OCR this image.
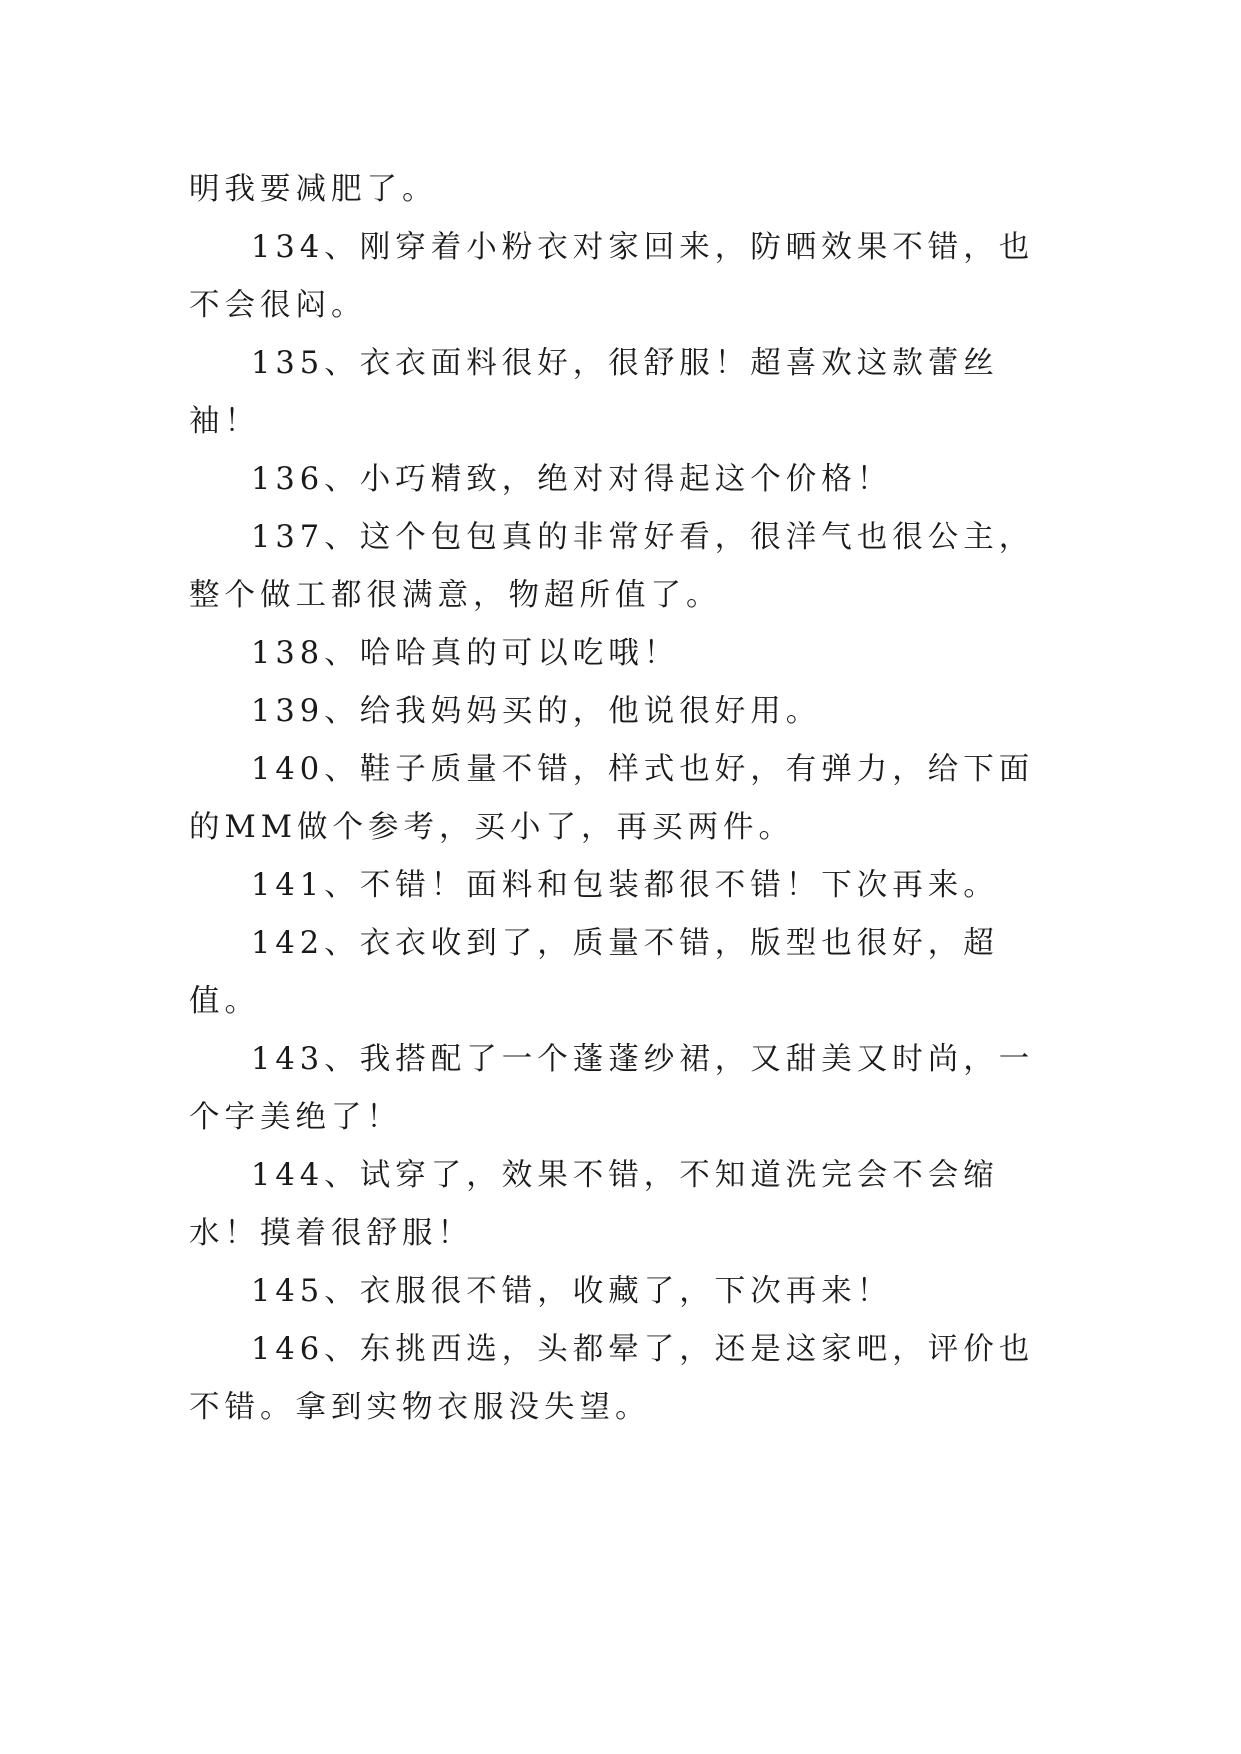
明我要减肥了。

134、刚穿着小粉衣对家回来，防晒效果不错，也不会很闷。

135、衣衣面料很好，很舒服！超喜欢这款蕾丝袖！

136、小巧精致，绝对对得起这个价格！

137、这个包包真的非常好看，很洋气也很公主，整个做工都很满意，物超所值了。

138、哈哈真的可以吃哦！

139、给我妈妈买的，他说很好用。

140、鞋子质量不错，样式也好，有弹力，给下面的MM做个参考，买小了，再买两件。

141、不错！面料和包装都很不错！下次再来。

142、衣衣收到了，质量不错，版型也很好，超值。

143、我搭配了一个蓬蓬纱裙，又甜美又时尚，一个字美绝了！

144、试穿了，效果不错，不知道洗完会不会缩水！摸着很舒服！

145、衣服很不错，收藏了，下次再来！

146、东挑西选，头都晕了，还是这家吧，评价也不错。拿到实物衣服没失望。
